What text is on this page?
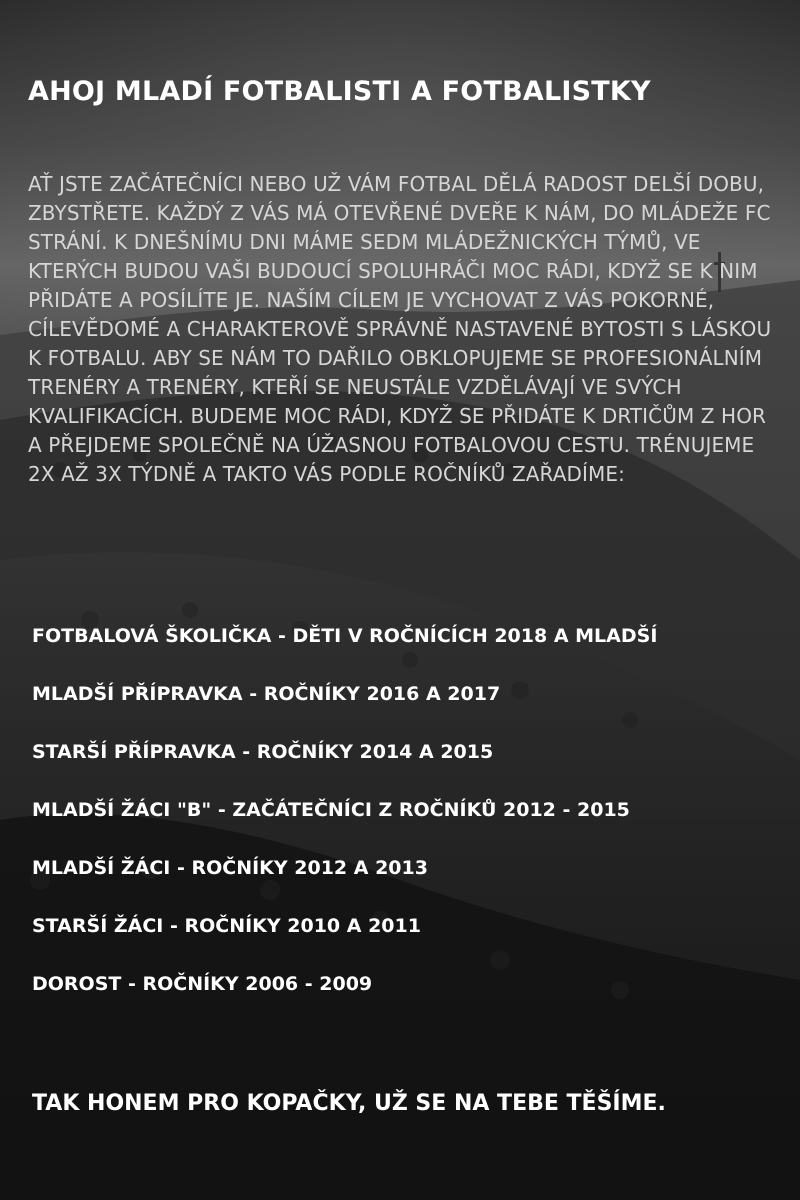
AHOJ MLADÍ FOTBALISTI A FOTBALISTKY

AŤ JSTE ZAČÁTEČNÍCI NEBO UŽ VÁM FOTBAL DĚLÁ RADOST DELŠÍ DOBU, ZBYSTŘETE. KAŽDÝ Z VÁS MÁ OTEVŘENÉ DVEŘE K NÁM, DO MLÁDEŽE FC STRÁNÍ. K DNEŠNÍMU DNI MÁME SEDM MLÁDEŽNICKÝCH TÝMŮ, VE KTERÝCH BUDOU VAŠI BUDOUCÍ SPOLUHRÁČI MOC RÁDI, KDYŽ SE K NIM PŘIDÁTE A POSÍLÍTE JE. NAŠÍM CÍLEM JE VYCHOVAT Z VÁS POKORNÉ, CÍLEVĚDOMÉ A CHARAKTEROVĚ SPRÁVNĚ NASTAVENÉ BYTOSTI S LÁSKOU K FOTBALU. ABY SE NÁM TO DAŘILO OBKLOPUJEME SE PROFESIONÁLNÍM TRENÉRY A TRENÉRY, KTEŘÍ SE NEUSTÁLE VZDĚLÁVAJÍ VE SVÝCH KVALIFIKACÍCH. BUDEME MOC RÁDI, KDYŽ SE PŘIDÁTE K DRTIČŮM Z HOR A PŘEJDEME SPOLEČNĚ NA ÚŽASNOU FOTBALOVOU CESTU. TRÉNUJEME 2X AŽ 3X TÝDNĚ A TAKTO VÁS PODLE ROČNÍKŮ ZAŘADÍME:

FOTBALOVÁ ŠKOLIČKA - DĚTI V ROČNÍCÍCH 2018 A MLADŠÍ
MLADŠÍ PŘÍPRAVKA - ROČNÍKY 2016 A 2017
STARŠÍ PŘÍPRAVKA - ROČNÍKY 2014 A 2015
MLADŠÍ ŽÁCI "B" - ZAČÁTEČNÍCI Z ROČNÍKŮ 2012 - 2015
MLADŠÍ ŽÁCI - ROČNÍKY 2012 A 2013
STARŠÍ ŽÁCI - ROČNÍKY 2010 A 2011
DOROST - ROČNÍKY 2006 - 2009

TAK HONEM PRO KOPAČKY, UŽ SE NA TEBE TĚŠÍME.
